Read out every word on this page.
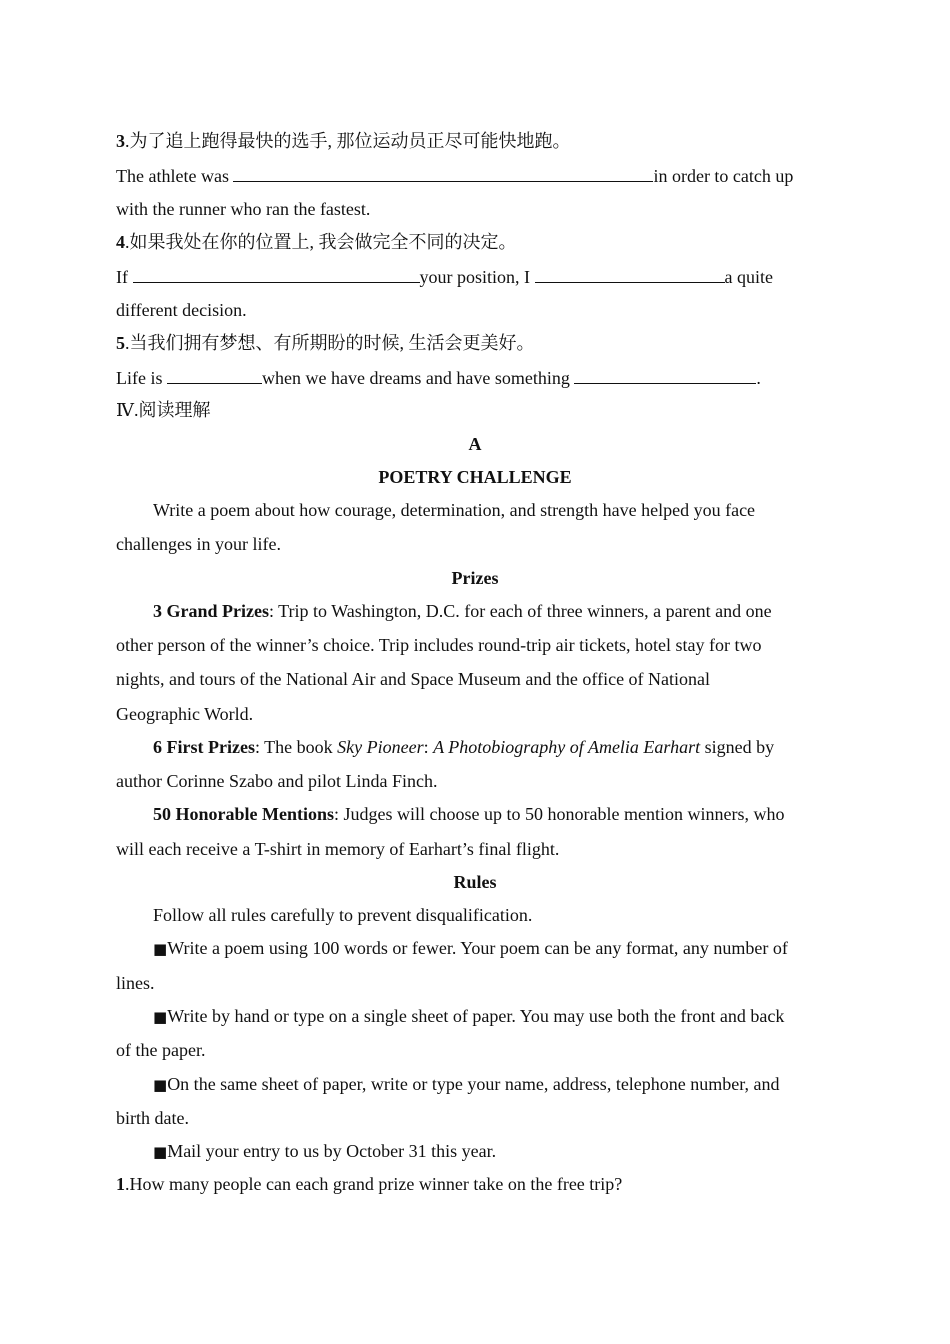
3.为了追上跑得最快的选手, 那位运动员正尽可能快地跑。
The athlete was	in order to catch up
with the runner who ran the fastest.
4.如果我处在你的位置上, 我会做完全不同的决定。
If	your position, I	a quite
different decision.
5.当我们拥有梦想、有所期盼的时候, 生活会更美好。
Life is	when we have dreams and have something	.
Ⅳ.阅读理解
A
POETRY CHALLENGE
Write a poem about how courage, determination, and strength have helped you face
challenges in your life.
Prizes
3 Grand Prizes: Trip to Washington, D.C. for each of three winners, a parent and one
other person of the winner’s choice. Trip includes round-trip air tickets, hotel stay for two
nights, and tours of the National Air and Space Museum and the office of National
Geographic World.
6 First Prizes: The book Sky Pioneer: A Photobiography of Amelia Earhart signed by
author Corinne Szabo and pilot Linda Finch.
50 Honorable Mentions: Judges will choose up to 50 honorable mention winners, who
will each receive a T-shirt in memory of Earhart’s final flight.
Rules
Follow all rules carefully to prevent disqualification.
■Write a poem using 100 words or fewer. Your poem can be any format, any number of
lines.
■Write by hand or type on a single sheet of paper. You may use both the front and back
of the paper.
■On the same sheet of paper, write or type your name, address, telephone number, and
birth date.
■Mail your entry to us by October 31 this year.
1.How many people can each grand prize winner take on the free trip?
